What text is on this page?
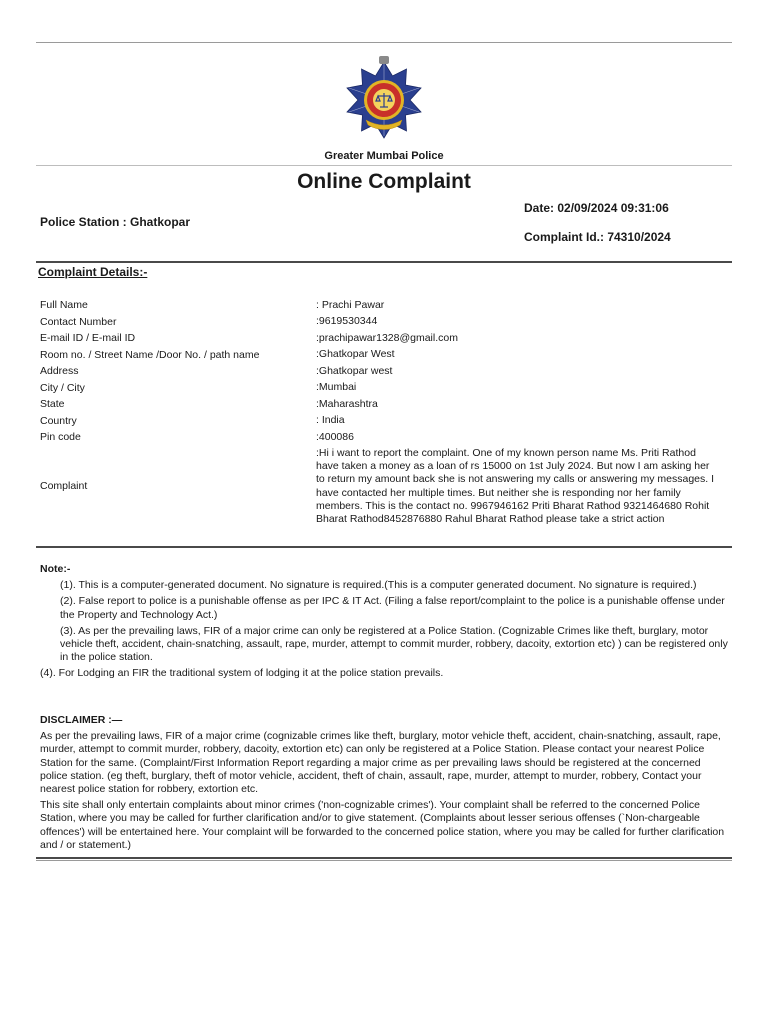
Greater Mumbai Police
Online Complaint
Police Station : Ghatkopar
Date: 02/09/2024 09:31:06
Complaint Id.: 74310/2024
Complaint Details:-
Full Name	: Prachi Pawar
Contact Number	:9619530344
E-mail ID / E-mail ID	:prachipawar1328@gmail.com
Room no. / Street Name /Door No. / path name	:Ghatkopar West
Address	:Ghatkopar west
City / City	:Mumbai
State	:Maharashtra
Country	: India
Pin code	:400086
Complaint
:Hi i want to report the complaint. One of my known person name Ms. Priti Rathod have taken a money as a loan of rs 15000 on 1st July 2024. But now I am asking her to return my amount back she is not answering my calls or answering my messages. I have contacted her multiple times. But neither she is responding nor her family members. This is the contact no. 9967946162 Priti Bharat Rathod 9321464680 Rohit Bharat Rathod8452876880 Rahul Bharat Rathod please take a strict action
Note:-
(1). This is a computer-generated document. No signature is required.(This is a computer generated document. No signature is required.)
(2). False report to police is a punishable offense as per IPC & IT Act. (Filing a false report/complaint to the police is a punishable offense under the Property and Technology Act.)
(3). As per the prevailing laws, FIR of a major crime can only be registered at a Police Station. (Cognizable Crimes like theft, burglary, motor vehicle theft, accident, chain-snatching, assault, rape, murder, attempt to commit murder, robbery, dacoity, extortion etc) ) can be registered only in the police station.
(4). For Lodging an FIR the traditional system of lodging it at the police station prevails.
DISCLAIMER :—

As per the prevailing laws, FIR of a major crime (cognizable crimes like theft, burglary, motor vehicle theft, accident, chain-snatching, assault, rape, murder, attempt to commit murder, robbery, dacoity, extortion etc) can only be registered at a Police Station. Please contact your nearest Police Station for the same. (Complaint/First Information Report regarding a major crime as per prevailing laws should be registered at the concerned police station. (eg theft, burglary, theft of motor vehicle, accident, theft of chain, assault, rape, murder, attempt to murder, robbery, Contact your nearest police station for robbery, extortion etc.

This site shall only entertain complaints about minor crimes ('non-cognizable crimes'). Your complaint shall be referred to the concerned Police Station, where you may be called for further clarification and/or to give statement. (Complaints about lesser serious offenses (`Non-chargeable offences') will be entertained here. Your complaint will be forwarded to the concerned police station, where you may be called for further clarification and / or statement.)
